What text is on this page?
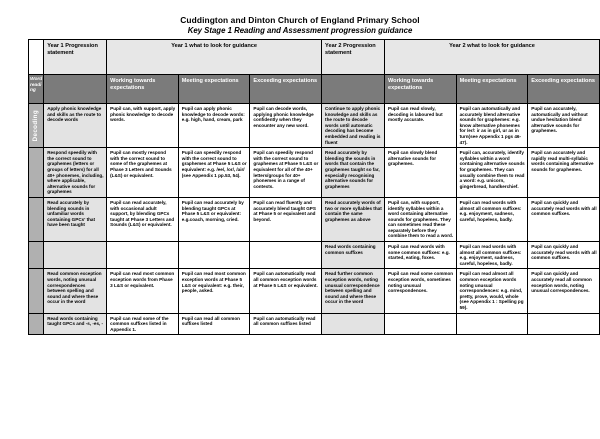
Cuddington and Dinton Church of England Primary School
Key Stage 1 Reading and Assessment progression guidance
	Year 1 Progression statement	Year 1 what to look for guidance			Year 2 Progression statement	Year 2 what to look for guidance		
Word reading		Working towards expectations	Meeting expectations	Exceeding expectations		Working towards expectations	Meeting expectations	Exceeding expectations

Decoding	Apply phonic knowledge and skills as the route to decode words	Pupil can, with support, apply phonic knowledge to decode words.	Pupil can apply phonic knowledge to decode words: e.g. high, hand, cream, park	Pupil can decode words, applying phonic knowledge confidently when they encounter any new word.	Continue to apply phonic knowledge and skills as the route to decode words until automatic decoding has become embedded and reading is fluent	Pupil can read slowly, decoding is laboured but mostly accurate.	Pupil can automatically and accurately blend alternative sounds for graphemes: e.g. know alternative phonemes for /er/: ir as in girl, ur as in turn(see Appendix 1 pgs 46-47).	Pupil can accurately, automatically and without undue hesitation blend alternative sounds for graphemes.
	Respond speedily with the correct sound to graphemes (letters or groups of letters) for all 40+ phonemes, including, where applicable, alternative sounds for graphemes	Pupil can mostly respond with the correct sound to some of the graphemes at Phase 3 Letters and Sounds (L&S) or equivalent.	Pupil can speedily respond with the correct sound to graphemes at Phase 5 L&S or equivalent: e.g. /ee/, /or/, /air/ (see Appendix 1 pp.53, 54).	Pupil can speedily respond with the correct sound to graphemes at Phase 5 L&S or equivalent for all of the 40+ letters/groups for 40+ phonemes in a range of contexts.	Read accurately by blending the sounds in words that contain the graphemes taught so far, especially recognising alternative sounds for graphemes	Pupil can slowly blend alternative sounds for graphemes.	Pupil can, accurately, identify syllables within a word containing alternative sounds for graphemes. They can usually combine them to read a word: e.g. unicorn, gingerbread, handkerchief.	Pupil can accurately and rapidly read multi-syllabic words containing alternative sounds for graphemes.
	Read accurately by blending sounds in unfamiliar words containing GPCs' that have been taught	Pupil can read accurately, with occasional adult support, by blending GPCs taught at Phase 3 Letters and Sounds (L&S) or equivalent.	Pupil can read accurately by blending taught GPCs at Phase 5 L&S or equivalent: e.g.coach, morning, cried.	Pupil can read fluently and accurately blend taught GPS at Phase 5 or equivalent and beyond.	Read accurately words of two or more syllables that contain the same graphemes as above	Pupil can, with support, identify syllables within a word containing alternative sounds for graphemes. They can sometimes read these separately before they combine them to read a word.	Pupil can read words with almost all common suffixes: e.g. enjoyment, sadness, careful, hopeless, badly.	Pupil can quickly and accurately read words with all common suffixes.
					Read words containing common suffixes	Pupil can read words with some common suffixes: e.g. started, eating, foxes.	Pupil can read words with almost all common suffixes: e.g. enjoyment, sadness, careful, hopeless, badly.	Pupil can quickly and accurately read words with all common suffixes.
	Read common exception words, noting unusual correspondences between spelling and sound and where these occur in the word	Pupil can read most common exception words from Phase 3 L&S or equivalent.	Pupil can read most common exception words at Phase 5 L&S or equivalent: e.g. their, people, asked.	Pupil can automatically read all common exception words at Phase 5 L&S or equivalent.	Read further common exception words, noting unusual correspondence between spelling and sound and where these occur in the word	Pupil can read some common exception words, sometimes noting unusual correspondences.	Pupil can read almost all common exception words noting unusual correspondences: e.g. mind, pretty, prove, would, whole (see Appendix 1 : Spelling pg 59).	Pupil can quickly and accurately read all common exception words, noting unusual correspondences.
	Read words containing taught GPCs and -s, -es, -	Pupil can read some of the common suffixes listed in Appendix 1.	Pupil can read all common suffixes listed	Pupil can automatically read all common suffixes listed				
